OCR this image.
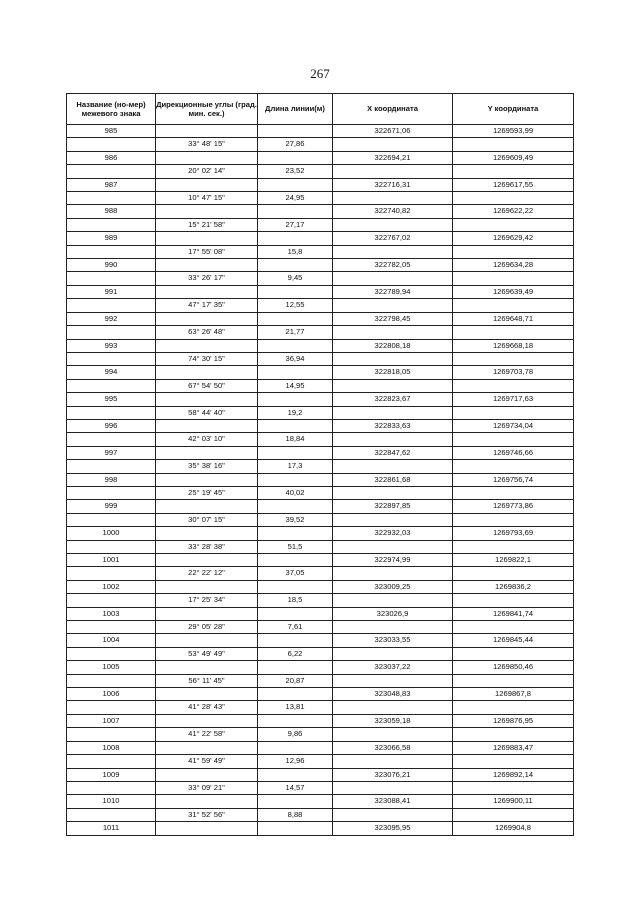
267
Название (но-мер) межевого знака	Дирекционные углы (град. мин. сек.)	Длина линии(м)	X координата	Y координата
985			322671,06	1269593,99
	33° 48' 15"	27,86		
986			322694,21	1269609,49
	20° 02' 14"	23,52		
987			322716,31	1269617,55
	10° 47' 15"	24,95		
988			322740,82	1269622,22
	15° 21' 58"	27,17		
989			322767,02	1269629,42
	17° 55' 08"	15,8		
990			322782,05	1269634,28
	33° 26' 17"	9,45		
991			322789,94	1269639,49
	47° 17' 35"	12,55		
992			322798,45	1269648,71
	63° 26' 48"	21,77		
993			322808,18	1269668,18
	74° 30' 15"	36,94		
994			322818,05	1269703,78
	67° 54' 50"	14,95		
995			322823,67	1269717,63
	58° 44' 40"	19,2		
996			322833,63	1269734,04
	42° 03' 10"	18,84		
997			322847,62	1269746,66
	35° 38' 16"	17,3		
998			322861,68	1269756,74
	25° 19' 45"	40,02		
999			322897,85	1269773,86
	30° 07' 15"	39,52		
1000			322932,03	1269793,69
	33° 28' 38"	51,5		
1001			322974,99	1269822,1
	22° 22' 12"	37,05		
1002			323009,25	1269836,2
	17° 25' 34"	18,5		
1003			323026,9	1269841,74
	29° 05' 28"	7,61		
1004			323033,55	1269845,44
	53° 49' 49"	6,22		
1005			323037,22	1269850,46
	56° 11' 45"	20,87		
1006			323048,83	1269867,8
	41° 28' 43"	13,81		
1007			323059,18	1269876,95
	41° 22' 58"	9,86		
1008			323066,58	1269883,47
	41° 59' 49"	12,96		
1009			323076,21	1269892,14
	33° 09' 21"	14,57		
1010			323088,41	1269900,11
	31° 52' 56"	8,88		
1011			323095,95	1269904,8
